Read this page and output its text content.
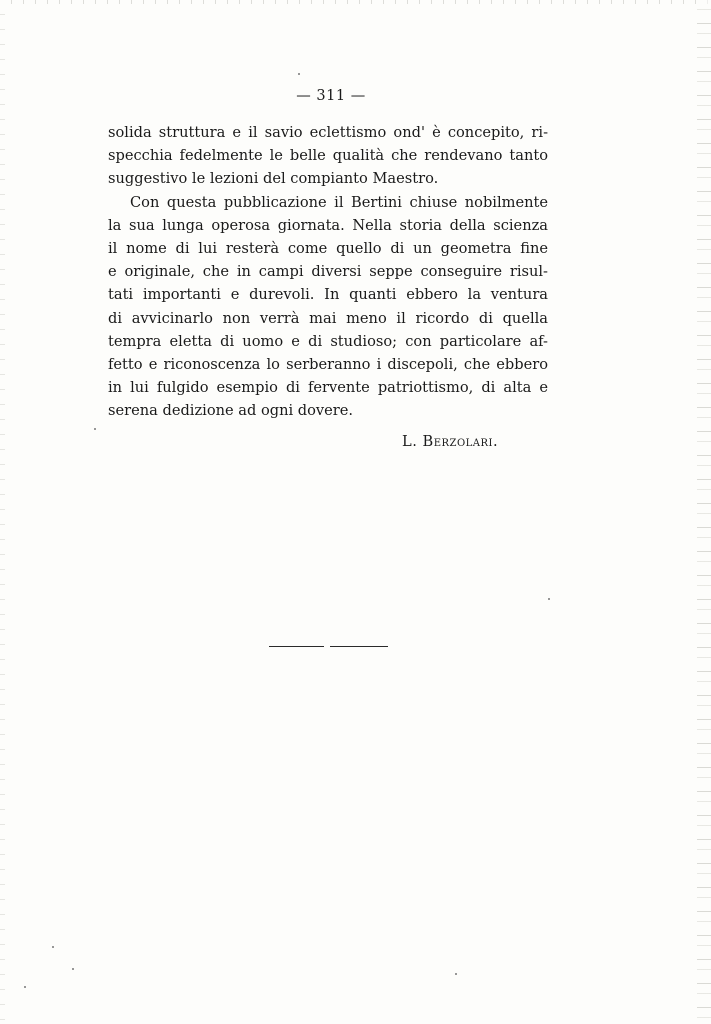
— 311 —
solida struttura e il savio eclettismo ond' è concepito, ri-
specchia fedelmente le belle qualità che rendevano tanto
suggestivo le lezioni del compianto Maestro.
Con questa pubblicazione il Bertini chiuse nobilmente
la sua lunga operosa giornata. Nella storia della scienza
il nome di lui resterà come quello di un geometra fine
e originale, che in campi diversi seppe conseguire risul-
tati importanti e durevoli. In quanti ebbero la ventura
di avvicinarlo non verrà mai meno il ricordo di quella
tempra eletta di uomo e di studioso; con particolare af-
fetto e riconoscenza lo serberanno i discepoli, che ebbero
in lui fulgido esempio di fervente patriottismo, di alta e
serena dedizione ad ogni dovere.
L. Berzolari.
